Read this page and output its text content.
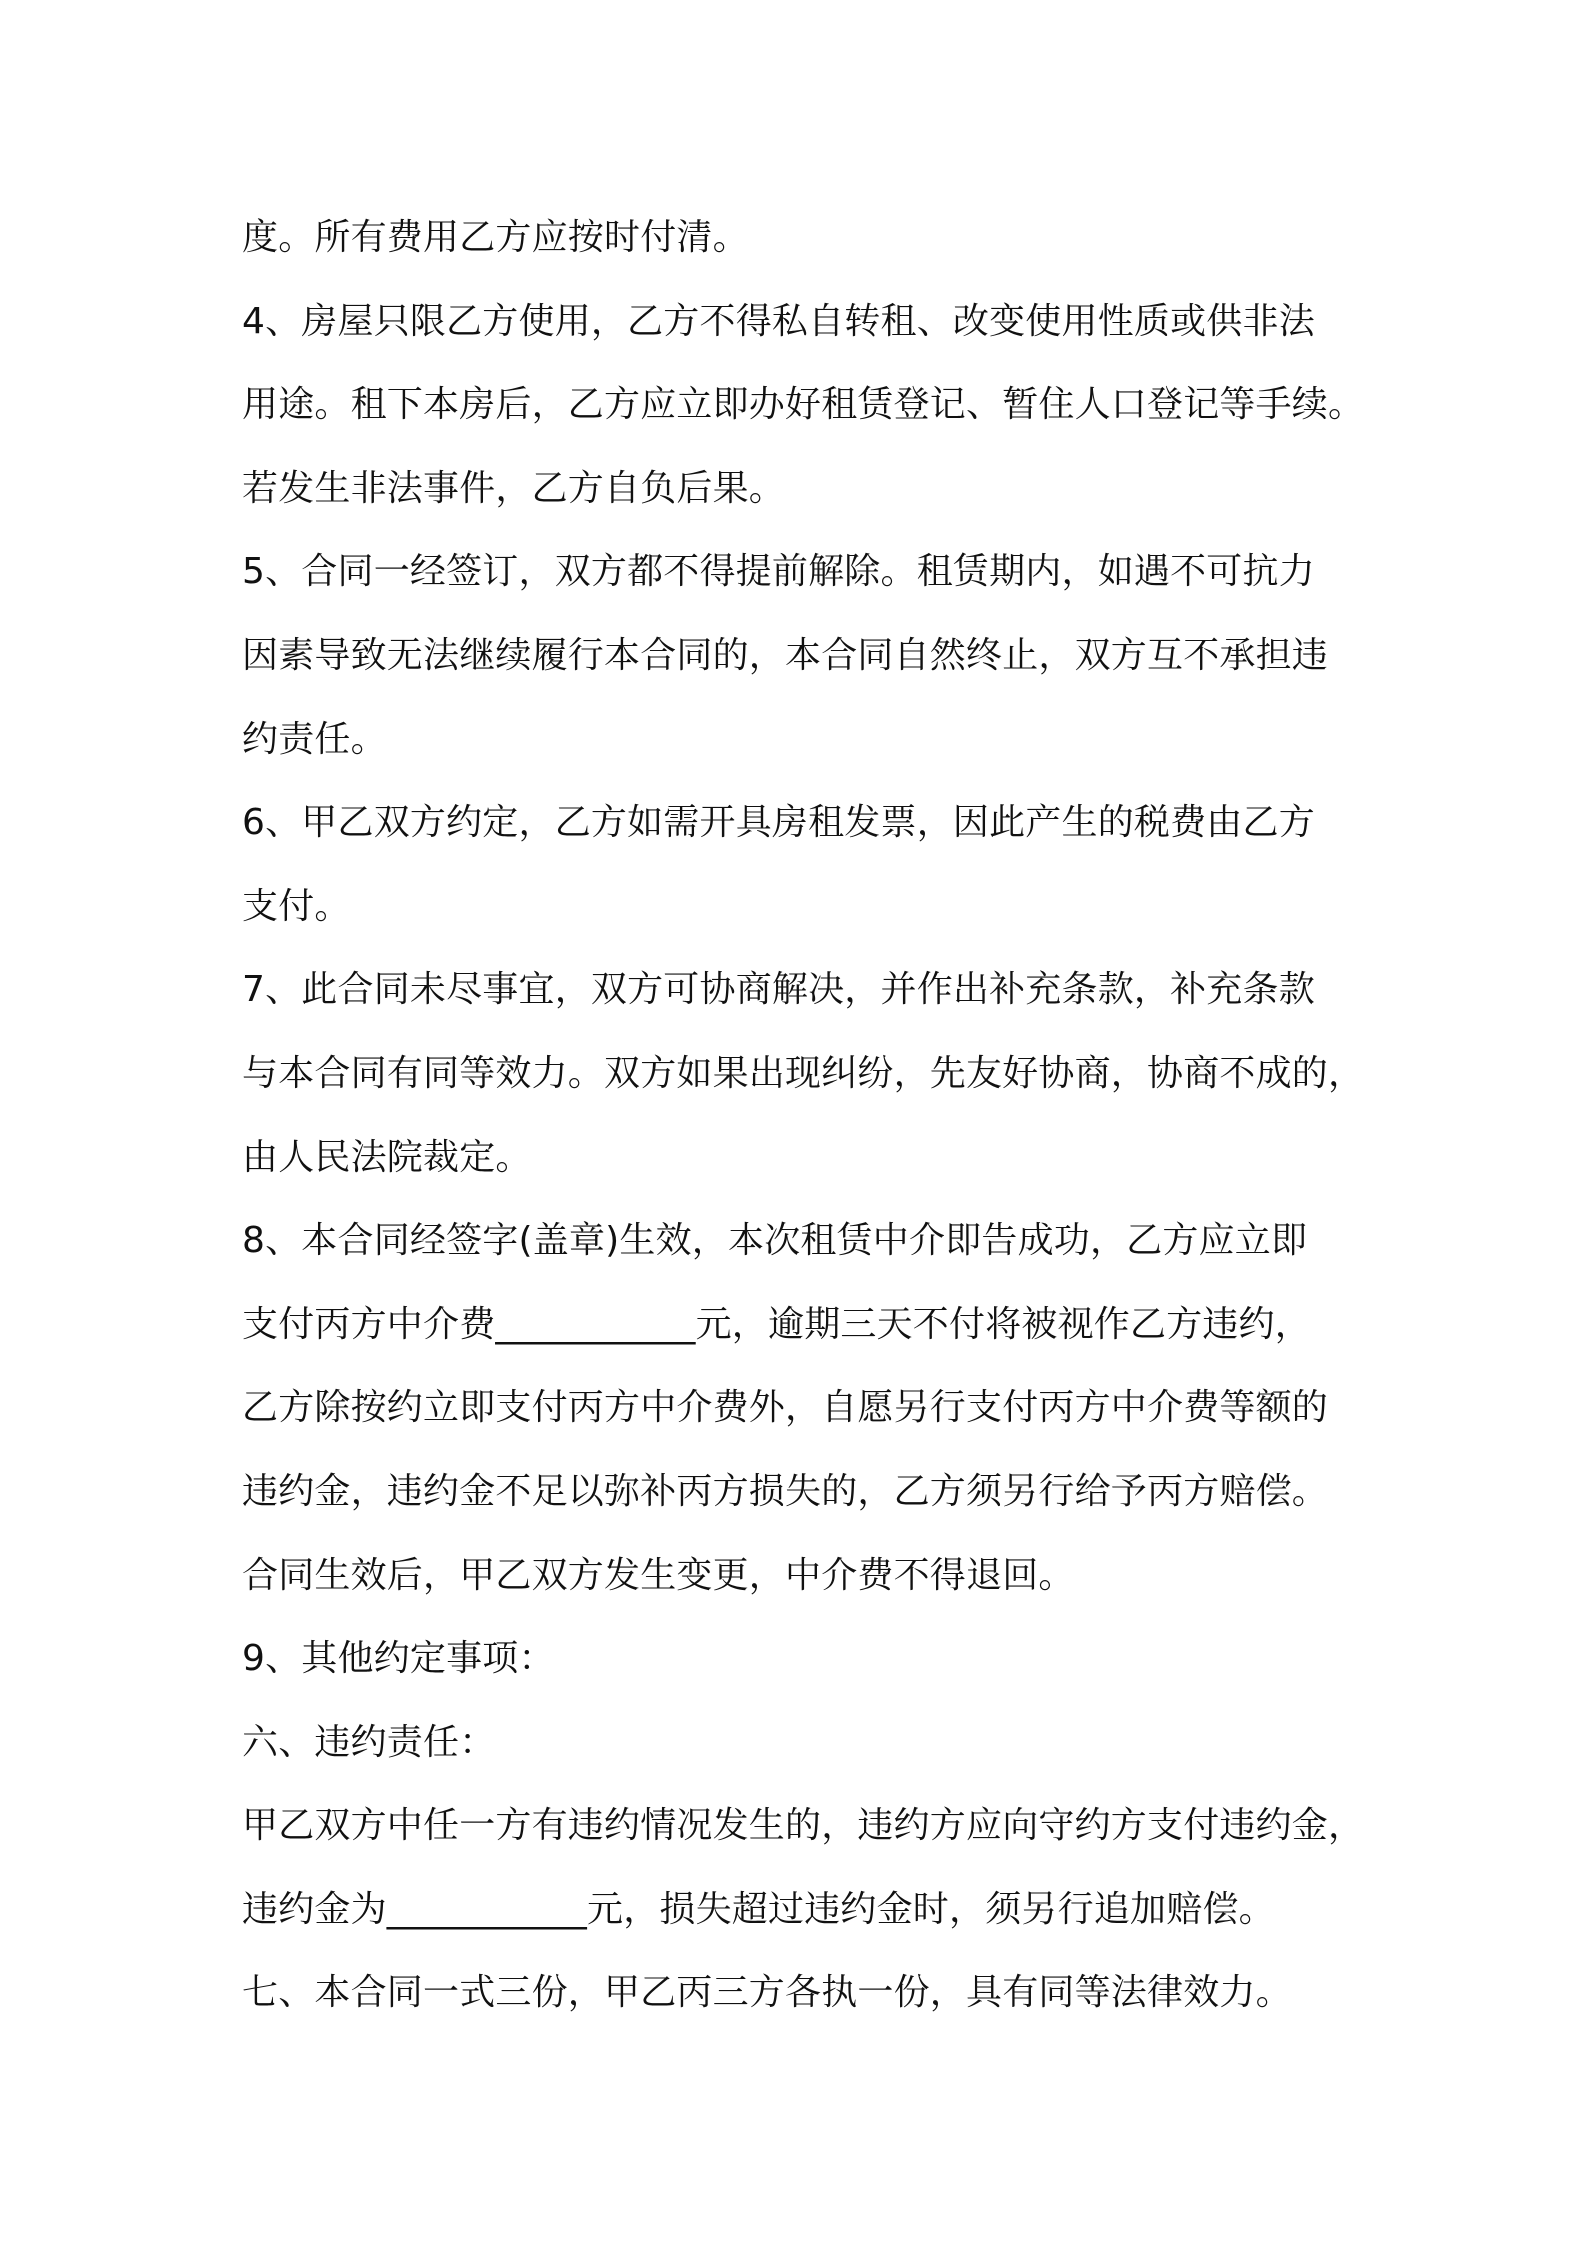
度。所有费用乙方应按时付清。
4、房屋只限乙方使用，乙方不得私自转租、改变使用性质或供非法
用途。租下本房后，乙方应立即办好租赁登记、暂住人口登记等手续。
若发生非法事件，乙方自负后果。
5、合同一经签订，双方都不得提前解除。租赁期内，如遇不可抗力
因素导致无法继续履行本合同的，本合同自然终止，双方互不承担违
约责任。
6、甲乙双方约定，乙方如需开具房租发票，因此产生的税费由乙方
支付。
7、此合同未尽事宜，双方可协商解决，并作出补充条款，补充条款
与本合同有同等效力。双方如果出现纠纷，先友好协商，协商不成的，
由人民法院裁定。
8、本合同经签字(盖章)生效，本次租赁中介即告成功，乙方应立即
支付丙方中介费___________元，逾期三天不付将被视作乙方违约，
乙方除按约立即支付丙方中介费外，自愿另行支付丙方中介费等额的
违约金，违约金不足以弥补丙方损失的，乙方须另行给予丙方赔偿。
合同生效后，甲乙双方发生变更，中介费不得退回。
9、其他约定事项：
六、违约责任：
甲乙双方中任一方有违约情况发生的，违约方应向守约方支付违约金，
违约金为___________元，损失超过违约金时，须另行追加赔偿。
七、本合同一式三份，甲乙丙三方各执一份，具有同等法律效力。
